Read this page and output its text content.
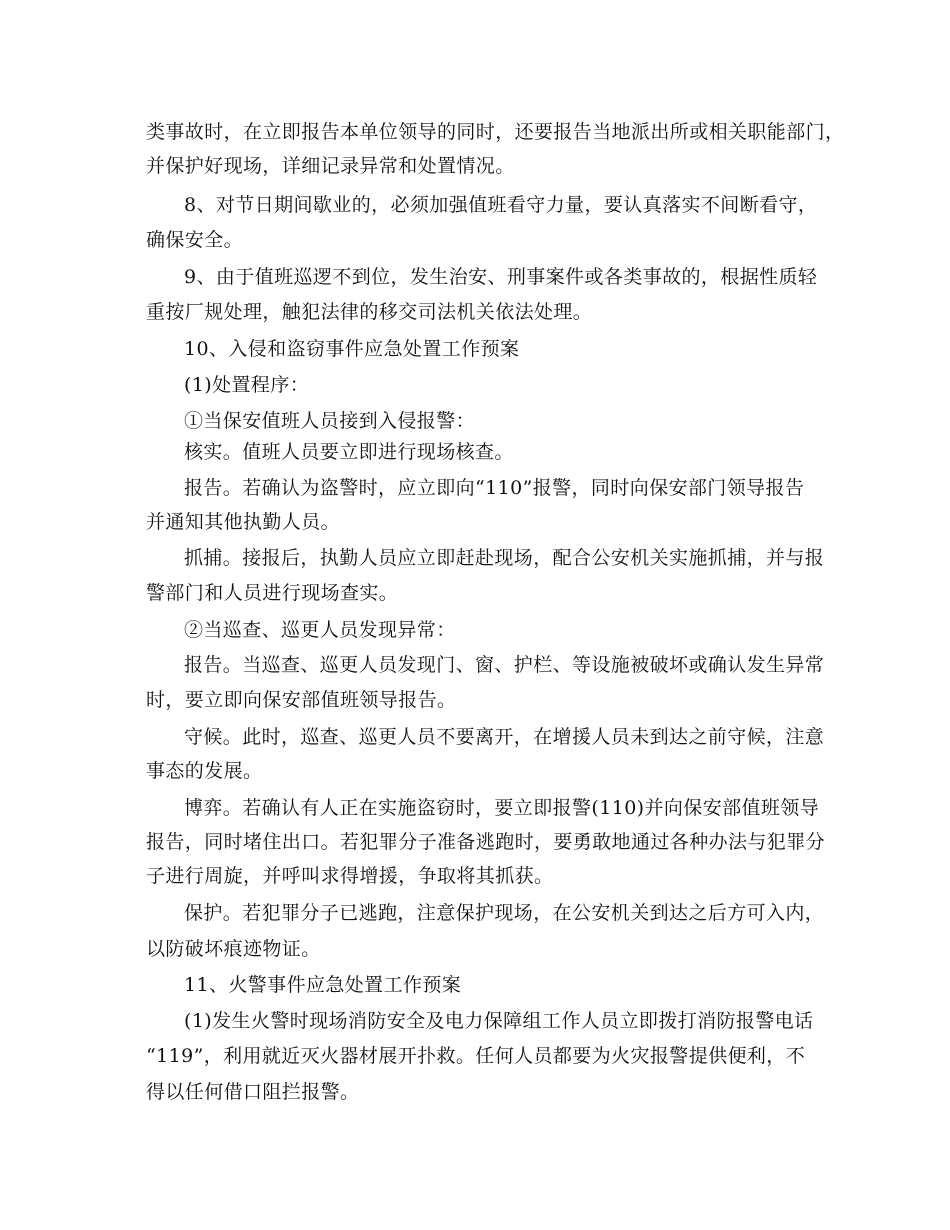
类事故时，在立即报告本单位领导的同时，还要报告当地派出所或相关职能部门，
并保护好现场，详细记录异常和处置情况。
8、对节日期间歇业的，必须加强值班看守力量，要认真落实不间断看守，
确保安全。
9、由于值班巡逻不到位，发生治安、刑事案件或各类事故的，根据性质轻
重按厂规处理，触犯法律的移交司法机关依法处理。
10、入侵和盗窃事件应急处置工作预案
(1)处置程序：
①当保安值班人员接到入侵报警：
核实。值班人员要立即进行现场核查。
报告。若确认为盗警时，应立即向“110”报警，同时向保安部门领导报告
并通知其他执勤人员。
抓捕。接报后，执勤人员应立即赶赴现场，配合公安机关实施抓捕，并与报
警部门和人员进行现场查实。
②当巡查、巡更人员发现异常：
报告。当巡查、巡更人员发现门、窗、护栏、等设施被破坏或确认发生异常
时，要立即向保安部值班领导报告。
守候。此时，巡查、巡更人员不要离开，在增援人员未到达之前守候，注意
事态的发展。
博弈。若确认有人正在实施盗窃时，要立即报警(110)并向保安部值班领导
报告，同时堵住出口。若犯罪分子准备逃跑时，要勇敢地通过各种办法与犯罪分
子进行周旋，并呼叫求得增援，争取将其抓获。
保护。若犯罪分子已逃跑，注意保护现场，在公安机关到达之后方可入内，
以防破坏痕迹物证。
11、火警事件应急处置工作预案
(1)发生火警时现场消防安全及电力保障组工作人员立即拨打消防报警电话
“119”，利用就近灭火器材展开扑救。任何人员都要为火灾报警提供便利，不
得以任何借口阻拦报警。
